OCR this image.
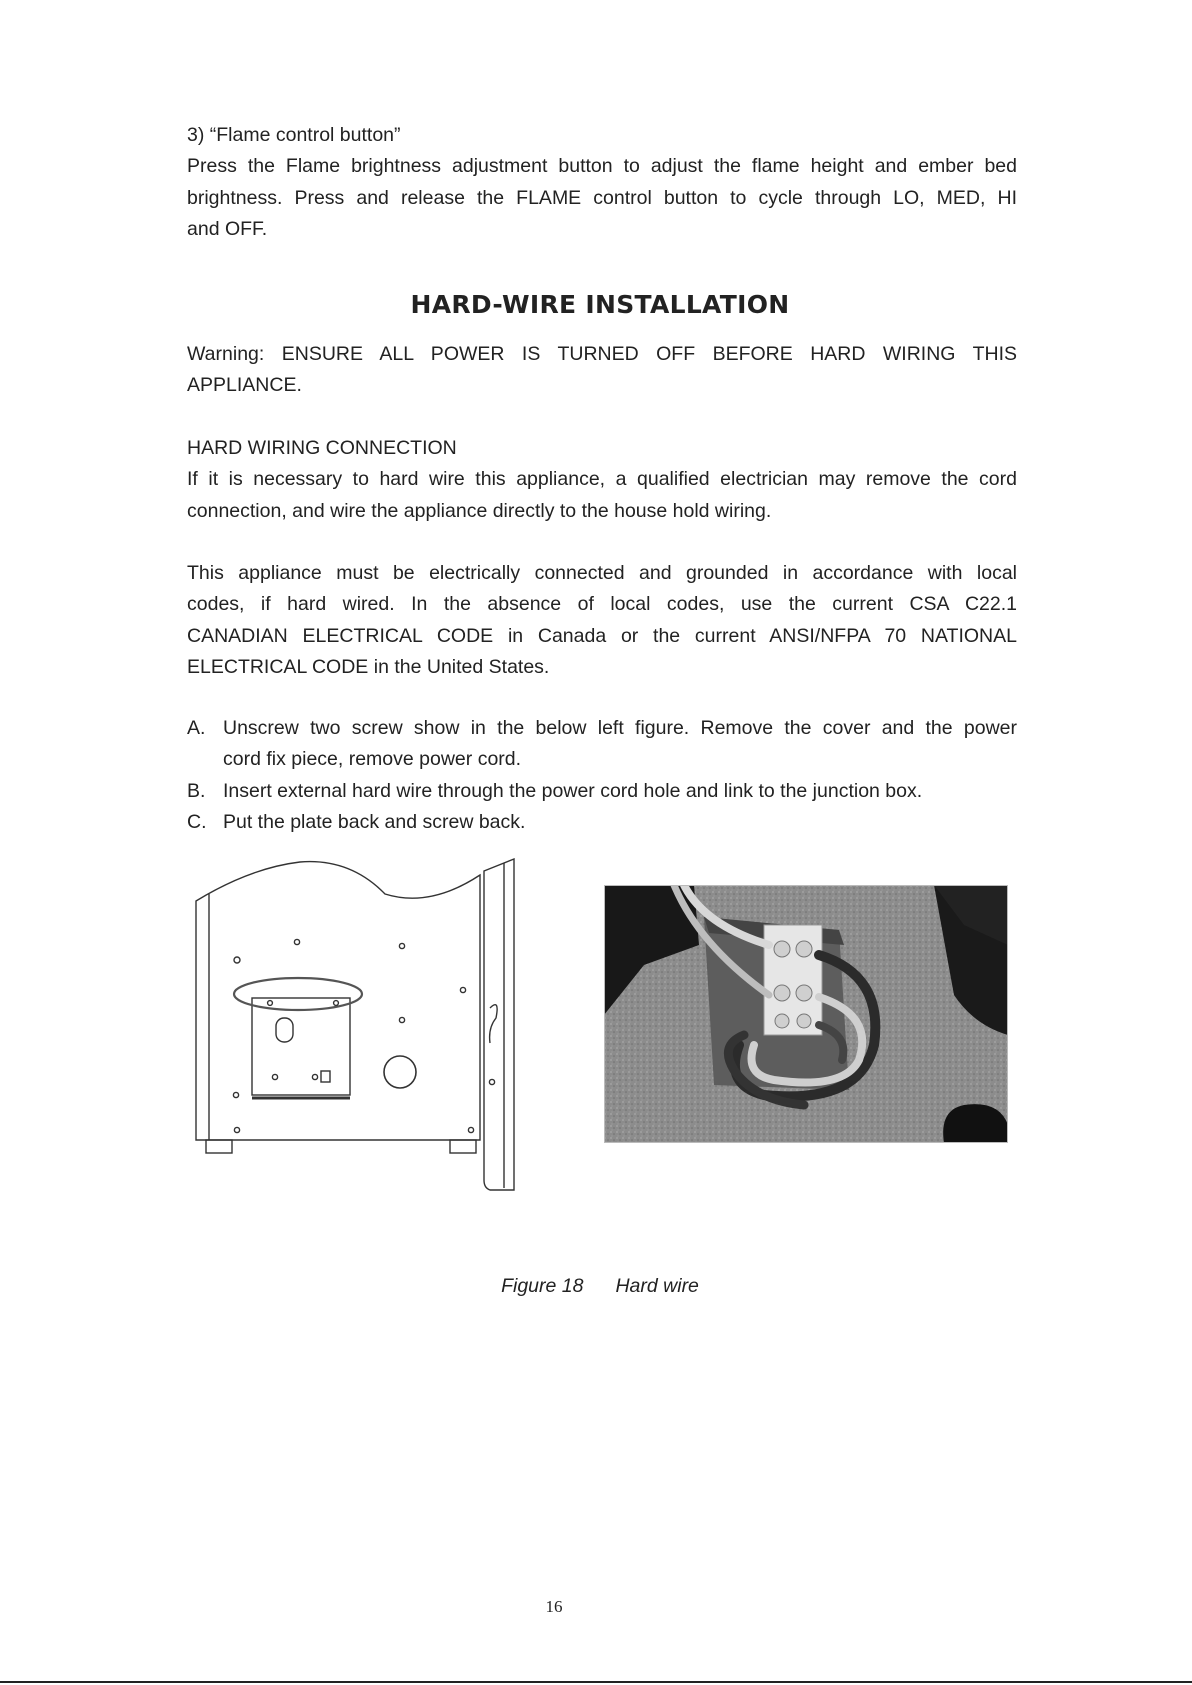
3) “Flame control button”
Press the Flame brightness adjustment button to adjust the flame height and ember bed
brightness. Press and release the FLAME control button to cycle through LO, MED, HI
and OFF.
HARD-WIRE INSTALLATION
Warning: ENSURE ALL POWER IS TURNED OFF BEFORE HARD WIRING THIS
APPLIANCE.
HARD WIRING CONNECTION
If it is necessary to hard wire this appliance, a qualified electrician may remove the cord
connection, and wire the appliance directly to the house hold wiring.
This appliance must be electrically connected and grounded in accordance with local
codes, if hard wired. In the absence of local codes, use the current CSA C22.1
CANADIAN ELECTRICAL CODE in Canada or the current ANSI/NFPA 70 NATIONAL
ELECTRICAL CODE in the United States.
A. Unscrew two screw show in the below left figure. Remove the cover and the power
cord fix piece, remove power cord.
B. Insert external hard wire through the power cord hole and link to the junction box.
C. Put the plate back and screw back.
Figure 18 Hard wire
16
